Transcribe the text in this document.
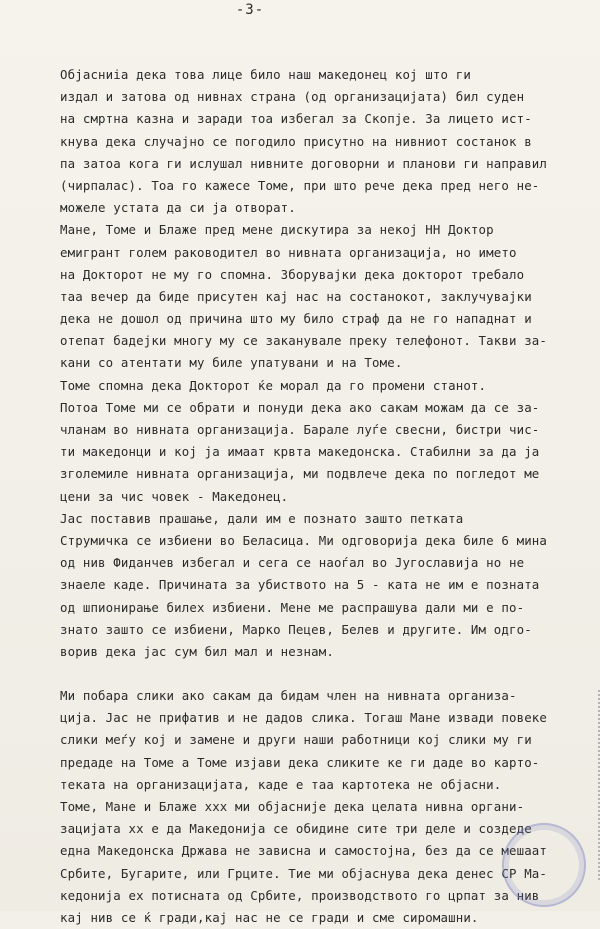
-3-
Објасниіа дека това лице било наш македонец кој што ги
издал и затова од нивнах страна (од организацијата) бил суден
на смртна казна и заради тоа избегал за Скопје. За лицето ист-
кнува дека случајно се погодило присутно на нивниот состанок в
па затоа кога ги ислушал нивните договорни и планови ги направил
(чирпалас). Тоа го кажесе Томе, при што рече дека пред него не-
можеле устата да си ја отворат.
Мане, Томе и Блаже пред мене дискутира за некој НН Доктор
емигрант голем раководител во нивната организација, но името
на Докторот не му го спомна. Зборувајки дека докторот требало
таа вечер да биде присутен кај нас на состанокот, заклучувајки
дека не дошол од причина што му било страф да не го нападнат и
отепат бадејки многу му се заканувале преку телефонот. Такви за-
кани со атентати му биле упатувани и на Томе.
Томе спомна дека Докторот ќе морал да го промени станот.
Потоа Томе ми се обрати и понуди дека ако сакам можам да се за-
чланам во нивната организација. Барале луѓе свесни, бистри чис-
ти македонци и кој ја имаат крвта македонска. Стабилни за да ја
зголемиле нивната организација, ми подвлече дека по погледот ме
цени за чис човек - Македонец.
Јас поставив прашање, дали им е познато зашто петката
Струмичка се избиени во Беласица. Ми одговорија дека биле 6 мина
од нив Фиданчев избегал и сега се наоѓал во Југославија но не
знаеле каде. Причината за убиството на 5 - ката не им е позната
од шпионирање билех избиени. Мене ме распрашува дали ми е по-
знато зашто се избиени, Марко Пецев, Белев и другите. Им одго-
ворив дека јас сум бил мал и незнам.
Ми побара слики ако сакам да бидам член на нивната организа-
ција. Јас не прифатив и не дадов слика. Тогаш Мане извади повеке
слики меѓу кој и замене и други наши работници кој слики му ги
предаде на Томе а Томе изјави дека сликите ке ги даде во карто-
теката на организацијата, каде е таа картотека не објасни.
Томе, Мане и Блаже ххх ми објасније дека целата нивна органи-
зацијата хх е да Македонија се обидине сите три деле и создеде
една Македонска Држава не зависна и самостојна, без да се мешаат
Србите, Бугарите, или Грците. Тие ми објаснува дека денес СР Ма-
кедонија ех потисната од Србите, производството го црпат за нив
кај нив се ќ гради,кај нас не се гради и сме сиромашни.
